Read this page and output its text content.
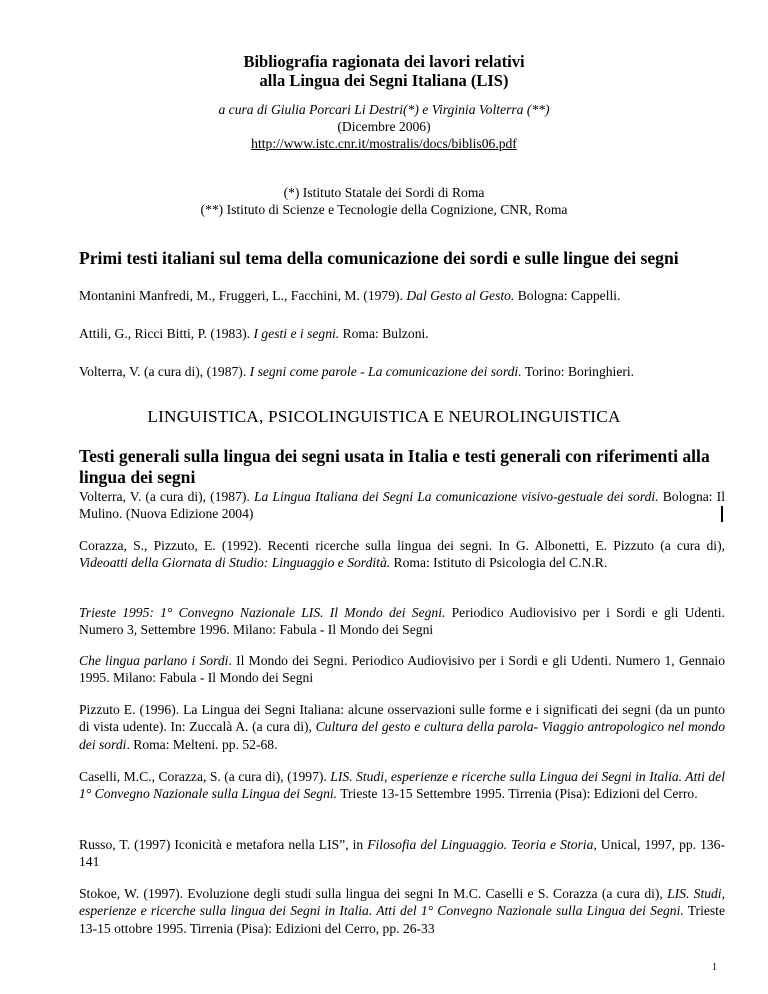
Bibliografia ragionata dei lavori relativi
alla Lingua dei Segni Italiana (LIS)
a cura di Giulia Porcari Li Destri(*) e Virginia Volterra (**)
(Dicembre 2006)
http://www.istc.cnr.it/mostralis/docs/biblis06.pdf
(*) Istituto Statale dei Sordi di Roma
(**) Istituto di Scienze e Tecnologie della Cognizione, CNR, Roma
Primi testi italiani sul tema della comunicazione dei sordi e sulle lingue dei segni
Montanini Manfredi, M., Fruggeri, L., Facchini, M. (1979). Dal Gesto al Gesto. Bologna: Cappelli.
Attili, G., Ricci Bitti, P. (1983). I gesti e i segni. Roma: Bulzoni.
Volterra, V. (a cura di), (1987). I segni come parole - La comunicazione dei sordi. Torino: Boringhieri.
LINGUISTICA, PSICOLINGUISTICA E NEUROLINGUISTICA
Testi generali sulla lingua dei segni usata in Italia e testi generali con riferimenti alla lingua dei segni
Volterra, V. (a cura di), (1987). La Lingua Italiana dei Segni La comunicazione visivo-gestuale dei sordi. Bologna: Il Mulino. (Nuova Edizione 2004)
Corazza, S., Pizzuto, E. (1992). Recenti ricerche sulla lingua dei segni. In G. Albonetti, E. Pizzuto (a cura di), Videoatti della Giornata di Studio: Linguaggio e Sordità. Roma: Istituto di Psicologia del C.N.R.
Trieste 1995: 1° Convegno Nazionale LIS. Il Mondo dei Segni. Periodico Audiovisivo per i Sordi e gli Udenti. Numero 3, Settembre 1996. Milano: Fabula - Il Mondo dei Segni
Che lingua parlano i Sordi. Il Mondo dei Segni. Periodico Audiovisivo per i Sordi e gli Udenti. Numero 1, Gennaio 1995. Milano: Fabula - Il Mondo dei Segni
Pizzuto E. (1996). La Lingua dei Segni Italiana: alcune osservazioni sulle forme e i significati dei segni (da un punto di vista udente). In: Zuccalà A. (a cura di), Cultura del gesto e cultura della parola- Viaggio antropologico nel mondo dei sordi. Roma: Melteni. pp. 52-68.
Caselli, M.C., Corazza, S. (a cura di), (1997). LIS. Studi, esperienze e ricerche sulla Lingua dei Segni in Italia. Atti del 1° Convegno Nazionale sulla Lingua dei Segni. Trieste 13-15 Settembre 1995. Tirrenia (Pisa): Edizioni del Cerro.
Russo, T. (1997) Iconicità e metafora nella LIS”, in Filosofia del Linguaggio. Teoria e Storia, Unical, 1997, pp. 136-141
Stokoe, W. (1997). Evoluzione degli studi sulla lingua dei segni In M.C. Caselli e S. Corazza (a cura di), LIS. Studi, esperienze e ricerche sulla lingua dei Segni in Italia. Atti del 1° Convegno Nazionale sulla Lingua dei Segni. Trieste 13-15 ottobre 1995. Tirrenia (Pisa): Edizioni del Cerro, pp. 26-33
1
